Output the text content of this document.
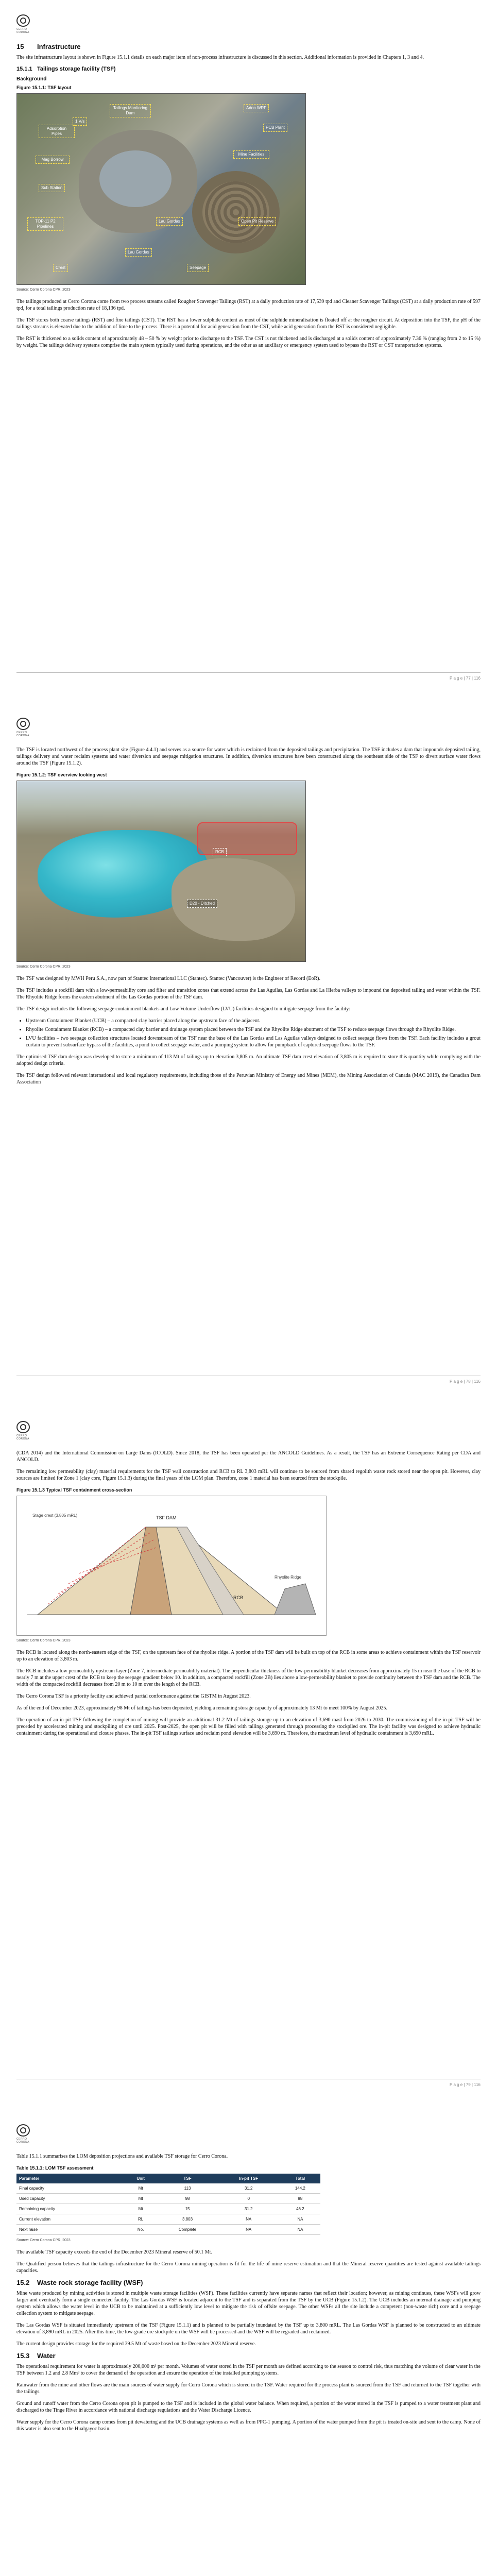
CERRO CORONA
15 Infrastructure

The site infrastructure layout is shown in Figure 15.1.1 details on each major item of non-process infrastructure is discussed in this section. Additional information is provided in Chapters 1, 3 and 4.

15.1.1 Tailings storage facility (TSF)
Background
Figure 15.1.1: TSF layout
1 V/s
Tailings Monitoring Dam
Adsorption Pipes
Adon WRF
PCB Plant
Mine Facilities
Mag Borrow
Sub Station
Lau Gordas
TOP-11 P2 Pipelines
Open Pit Reserve
Crest
Lau Gordas
Seepage
Source: Cerro Corona CPR, 2023

The tailings produced at Cerro Corona come from two process streams called Rougher Scavenger Tailings (RST) at a daily production rate of 17,539 tpd and Cleaner Scavenger Tailings (CST) at a daily production rate of 597 tpd, for a total tailings production rate of 18,136 tpd.

The TSF stores both coarse tailings (RST) and fine tailings (CST). The RST has a lower sulphide content as most of the sulphide mineralisation is floated off at the rougher circuit. At deposition into the TSF, the pH of the tailings streams is elevated due to the addition of lime to the process. There is a potential for acid generation from the CST, while acid generation from the RST is considered negligible.

The RST is thickened to a solids content of approximately 48 – 50 % by weight prior to discharge to the TSF. The CST is not thickened and is discharged at a solids content of approximately 7.36 % (ranging from 2 to 15 %) by weight. The tailings delivery systems comprise the main system typically used during operations, and the other as an auxiliary or emergency system used to bypass the RST or CST transportation systems.

P a g e | 77 | 116
CERRO CORONA

The TSF is located northwest of the process plant site (Figure 4.4.1) and serves as a source for water which is reclaimed from the deposited tailings and precipitation. The TSF includes a dam that impounds deposited tailing, tailings delivery and water reclaim systems and water diversion and seepage mitigation structures. In addition, diversion structures have been constructed along the southeast side of the TSF to divert surface water flows around the TSF (Figure 15.1.2).

Figure 15.1.2: TSF overview looking west
RCB
D20 - Ditched
Source: Cerro Corona CPR, 2023

The TSF was designed by MWH Peru S.A., now part of Stantec International LLC (Stantec). Stantec (Vancouver) is the Engineer of Record (EoR).

The TSF includes a rockfill dam with a low-permeability core and filter and transition zones that extend across the Las Aguilas, Las Gordas and La Hierba valleys to impound the deposited tailing and water within the TSF. The Rhyolite Ridge forms the eastern abutment of the Las Gordas portion of the TSF dam.

The TSF design includes the following seepage containment blankets and Low Volume Underflow (LVU) facilities designed to mitigate seepage from the facility:

• Upstream Containment Blanket (UCB) – a compacted clay barrier placed along the upstream face of the adjacent.
• Rhyolite Containment Blanket (RCB) – a compacted clay barrier and drainage system placed between the TSF and the Rhyolite Ridge abutment of the TSF to reduce seepage flows through the Rhyolite Ridge.
• LVU facilities – two seepage collection structures located downstream of the TSF near the base of the Las Gordas and Las Aguilas valleys designed to collect seepage flows from the TSF. Each facility includes a grout curtain to prevent subsurface bypass of the facilities, a pond to collect seepage water, and a pumping system to allow for pumpback of captured seepage flows to the TSF.

The optimised TSF dam design was developed to store a minimum of 113 Mt of tailings up to elevation 3,805 m. An ultimate TSF dam crest elevation of 3,805 m is required to store this quantity while complying with the adopted design criteria.

The TSF design followed relevant international and local regulatory requirements, including those of the Peruvian Ministry of Energy and Mines (MEM), the Mining Association of Canada (MAC 2019), the Canadian Dam Association

P a g e | 78 | 116
CERRO CORONA

(CDA 2014) and the International Commission on Large Dams (ICOLD). Since 2018, the TSF has been operated per the ANCOLD Guidelines. As a result, the TSF has an Extreme Consequence Rating per CDA and ANCOLD.

The remaining low permeability (clay) material requirements for the TSF wall construction and RCB to RL 3,803 mRL will continue to be sourced from shared regolith waste rock stored near the open pit. However, clay sources are limited for Zone 1 (clay core, Figure 15.1.3) during the final years of the LOM plan. Therefore, zone 1 material has been sourced from the stockpile.

Figure 15.1.3 Typical TSF containment cross-section
TSF DAM
RCB
Stage crest (3,805 mRL)
Rhyolite Ridge
Source: Cerro Corona CPR, 2023

The RCB is located along the north-eastern edge of the TSF, on the upstream face of the rhyolite ridge. A portion of the TSF dam will be built on top of the RCB in some areas to achieve containment within the TSF reservoir up to an elevation of 3,803 m.

The RCB includes a low permeability upstream layer (Zone 7, intermediate permeability material). The perpendicular thickness of the low-permeability blanket decreases from approximately 15 m near the base of the RCB to nearly 7 m at the upper crest of the RCB to keep the seepage gradient below 10. In addition, a compacted rockfill (Zone 2B) lies above a low-permeability blanket to provide continuity between the TSF dam and the RCB. The width of the compacted rockfill decreases from 20 m to 10 m over the length of the RCB.

The Cerro Corona TSF is a priority facility and achieved partial conformance against the GISTM in August 2023.

As of the end of December 2023, approximately 98 Mt of tailings has been deposited, yielding a remaining storage capacity of approximately 13 Mt to meet 100% by August 2025.

The operation of an in-pit TSF following the completion of mining will provide an additional 31.2 Mt of tailings storage up to an elevation of 3,690 masl from 2026 to 2030. The commissioning of the in-pit TSF will be preceded by accelerated mining and stockpiling of ore until 2025. Post-2025, the open pit will be filled with tailings generated through processing the stockpiled ore. The in-pit facility was designed to achieve hydraulic containment during the operational and closure phases. The in-pit TSF tailings surface and reclaim pond elevation will be 3,690 m. Therefore, the maximum level of hydraulic containment is 3,690 mRL.

P a g e | 79 | 116
CERRO CORONA

Table 15.1.1 summarises the LOM deposition projections and available TSF storage for Cerro Corona.

Table 15.1.1: LOM TSF assessment
Parameter	Unit	TSF	In-pit TSF	Total
Final capacity	Mt	113	31.2	144.2
Used capacity	Mt	98	0	98
Remaining capacity	Mt	15	31.2	46.2
Current elevation	RL	3,803	NA	NA
Next raise	No.	Complete	NA	NA
Source: Cerro Corona CPR, 2023

The available TSF capacity exceeds the end of the December 2023 Mineral reserve of 50.1 Mt.

The Qualified person believes that the tailings infrastructure for the Cerro Corona mining operation is fit for the life of mine reserve estimation and that the Mineral reserve quantities are tested against available tailings capacities.

15.2 Waste rock storage facility (WSF)

Mine waste produced by mining activities is stored in multiple waste storage facilities (WSF). These facilities currently have separate names that reflect their location; however, as mining continues, these WSFs will grow larger and eventually form a single connected facility. The Las Gordas WSF is located adjacent to the TSF and is separated from the TSF by the UCB (Figure 15.1.2). The UCB includes an internal drainage and pumping system which allows the water level in the UCB to be maintained at a sufficiently low level to mitigate the risk of offsite seepage. The other WSFs all the site include a competent (non-waste rich) core and a seepage collection system to mitigate seepage.

The Las Gordas WSF is situated immediately upstream of the TSF (Figure 15.1.1) and is planned to be partially inundated by the TSF up to 3,800 mRL. The Las Gordas WSF is planned to be constructed to an ultimate elevation of 3,890 mRL in 2025. After this time, the low-grade ore stockpile on the WSF will be processed and the WSF will be regraded and reclaimed.

The current design provides storage for the required 39.5 Mt of waste based on the December 2023 Mineral reserve.

15.3 Water

The operational requirement for water is approximately 200,000 m³ per month. Volumes of water stored in the TSF per month are defined according to the season to control risk, thus matching the volume of clear water in the TSF between 1.2 and 2.8 Mm³ to cover the demand of the operation and ensure the operation of the installed pumping systems.

Rainwater from the mine and other flows are the main sources of water supply for Cerro Corona which is stored in the TSF. Water required for the process plant is sourced from the TSF and returned to the TSF together with the tailings.

Ground and runoff water from the Cerro Corona open pit is pumped to the TSF and is included in the global water balance. When required, a portion of the water stored in the TSF is pumped to a water treatment plant and discharged to the Tinge River in accordance with national discharge regulations and the Water Discharge Licence.

Water supply for the Cerro Corona camp comes from pit dewatering and the UCB drainage systems as well as from PPC-1 pumping. A portion of the water pumped from the pit is treated on-site and sent to the camp. None of this water is also sent to the Hualgayoc basin.
